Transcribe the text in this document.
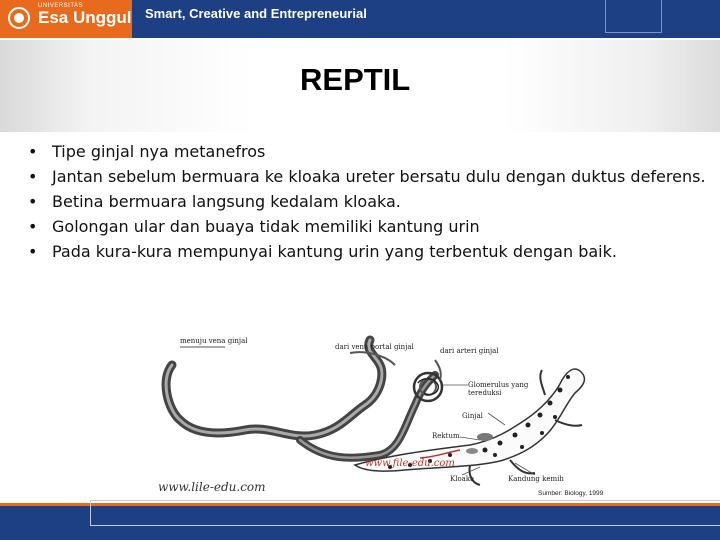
UNIVERSITAS
Esa Unggul Smart, Creative and Entrepreneurial
REPTIL
• Tipe ginjal nya metanefros
• Jantan sebelum bermuara ke kloaka ureter bersatu dulu dengan duktus deferens.
• Betina bermuara langsung kedalam kloaka.
• Golongan ular dan buaya tidak memiliki kantung urin
• Pada kura-kura mempunyai kantung urin yang terbentuk dengan baik.
menuju vena ginjal
dari vena portal ginjal	dari arteri ginjal
Glomerulus yang tereduksi
Ginjal
Rektum
www.file-edu.com
Kloaka	Kandung kemih
www.lile-edu.com	Sumber: Biology, 1999
